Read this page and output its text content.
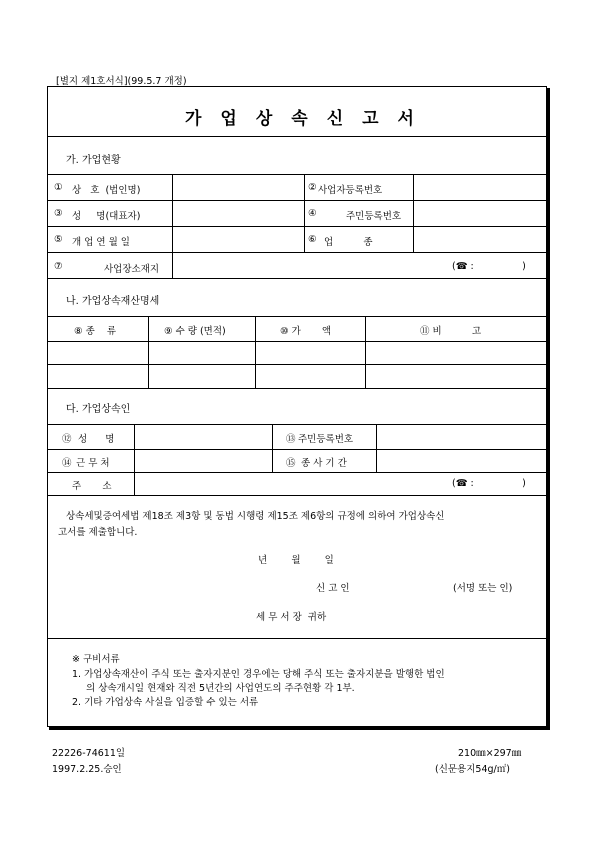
[별지 제1호서식](99.5.7 개정)
가업상속신고서
가. 가업현황
① 상   호  (법인명)	② 사업자등록번호
③ 성     명(대표자)	④	주민등록번호
⑤ 개 업 연 월 일	⑥ 업          종
⑦	사업장소재지	(☎ :                )
나. 가업상속재산명세
⑧ 종    류	⑨ 수 량 (면적)	⑩ 가       액	⑪ 비          고
다. 가업상속인
⑫ 성      명	⑬ 주민등록번호
⑭ 근 무 처	⑮ 종 사 기 간
주       소	(☎ :                )
상속세및증여세법 제18조 제3항 및 동법 시행령 제15조 제6항의 규정에 의하여 가업상속신
고서를 제출합니다.
년        월        일
신 고 인	(서명 또는 인)
세 무 서 장  귀하
※ 구비서류
1. 가업상속재산이 주식 또는 출자지분인 경우에는 당해 주식 또는 출자지분을 발행한 법인
의 상속개시일 현재와 직전 5년간의 사업연도의 주주현황 각 1부.
2. 기타 가업상속 사실을 입증할 수 있는 서류
22226-74611일
1997.2.25.승인
210㎜×297㎜
(신문용지54g/㎡)
